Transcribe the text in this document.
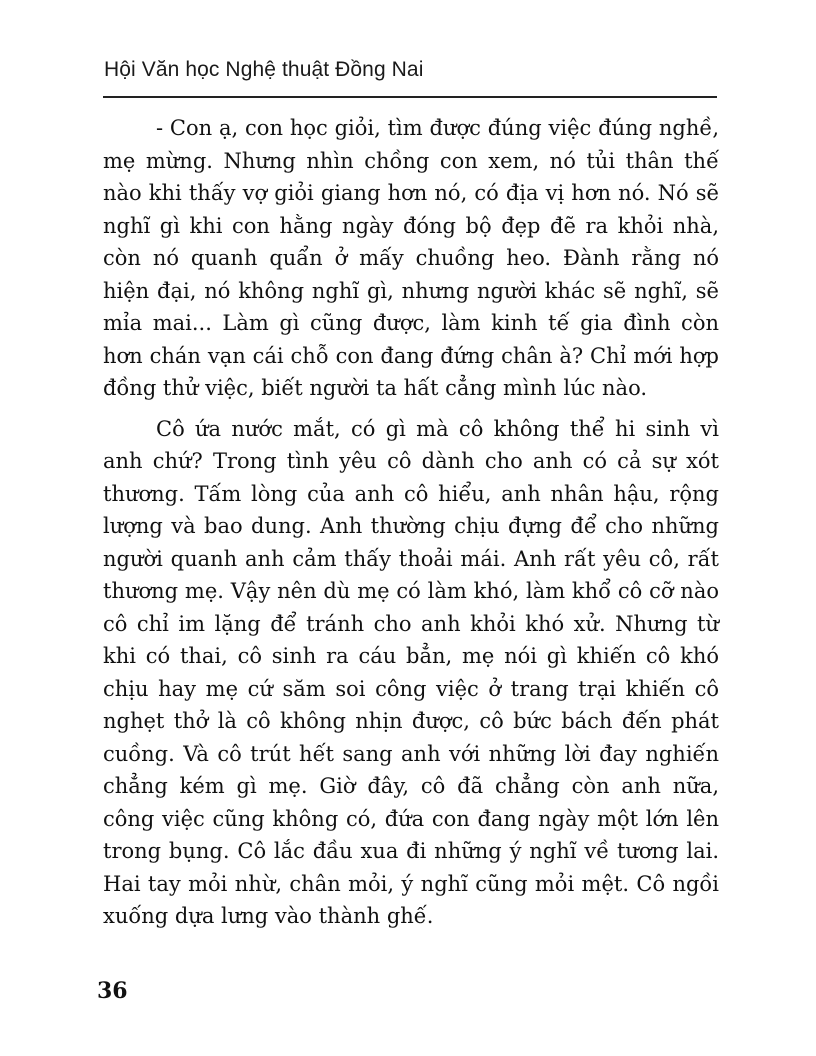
Hội Văn học Nghệ thuật Đồng Nai

- Con ạ, con học giỏi, tìm được đúng việc đúng nghề, mẹ mừng. Nhưng nhìn chồng con xem, nó tủi thân thế nào khi thấy vợ giỏi giang hơn nó, có địa vị hơn nó. Nó sẽ nghĩ gì khi con hằng ngày đóng bộ đẹp đẽ ra khỏi nhà, còn nó quanh quẩn ở mấy chuồng heo. Đành rằng nó hiện đại, nó không nghĩ gì, nhưng người khác sẽ nghĩ, sẽ mỉa mai... Làm gì cũng được, làm kinh tế gia đình còn hơn chán vạn cái chỗ con đang đứng chân à? Chỉ mới hợp đồng thử việc, biết người ta hất cẳng mình lúc nào.

Cô ứa nước mắt, có gì mà cô không thể hi sinh vì anh chứ? Trong tình yêu cô dành cho anh có cả sự xót thương. Tấm lòng của anh cô hiểu, anh nhân hậu, rộng lượng và bao dung. Anh thường chịu đựng để cho những người quanh anh cảm thấy thoải mái. Anh rất yêu cô, rất thương mẹ. Vậy nên dù mẹ có làm khó, làm khổ cô cỡ nào cô chỉ im lặng để tránh cho anh khỏi khó xử. Nhưng từ khi có thai, cô sinh ra cáu bẳn, mẹ nói gì khiến cô khó chịu hay mẹ cứ săm soi công việc ở trang trại khiến cô nghẹt thở là cô không nhịn được, cô bức bách đến phát cuồng. Và cô trút hết sang anh với những lời đay nghiến chẳng kém gì mẹ. Giờ đây, cô đã chẳng còn anh nữa, công việc cũng không có, đứa con đang ngày một lớn lên trong bụng. Cô lắc đầu xua đi những ý nghĩ về tương lai. Hai tay mỏi nhừ, chân mỏi, ý nghĩ cũng mỏi mệt. Cô ngồi xuống dựa lưng vào thành ghế.

36
